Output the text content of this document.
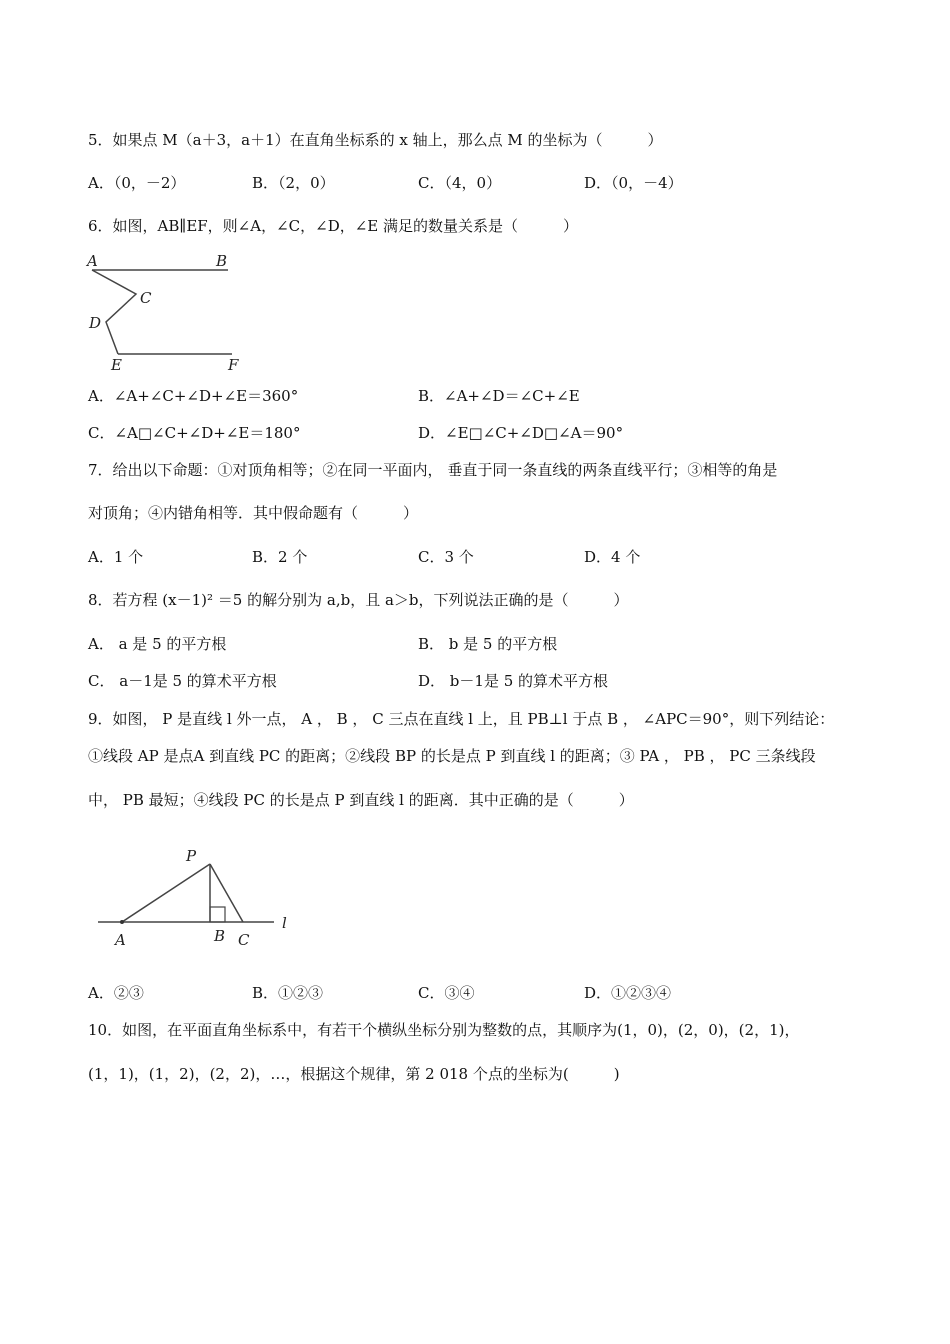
5．如果点 M（a＋3，a＋1）在直角坐标系的 x 轴上，那么点 M 的坐标为（　　　）
A．（0，－2）	B．（2，0）	C．（4，0）	D．（0，－4）
6．如图，AB∥EF，则∠A，∠C，∠D，∠E 满足的数量关系是（　　　）
A	B
C
D
E	F
A．∠A+∠C+∠D+∠E＝360°	B．∠A+∠D＝∠C+∠E
C．∠A□∠C+∠D+∠E＝180°	D．∠E□∠C+∠D□∠A＝90°
7．给出以下命题：①对顶角相等；②在同一平面内， 垂直于同一条直线的两条直线平行；③相等的角是
对顶角；④内错角相等．其中假命题有（　　　）
A．1 个	B．2 个	C．3 个	D．4 个
8．若方程 (x－1)² ＝5 的解分别为 a,b，且 a＞b，下列说法正确的是（　　　）
A． a 是 5 的平方根	B． b 是 5 的平方根
C． a－1是 5 的算术平方根	D． b－1是 5 的算术平方根
9．如图， P 是直线 l 外一点， A ， B ， C 三点在直线 l 上，且 PB⊥l 于点 B ， ∠APC＝90°，则下列结论：
①线段 AP 是点A 到直线 PC 的距离；②线段 BP 的长是点 P 到直线 l 的距离；③ PA ， PB ， PC 三条线段
中， PB 最短；④线段 PC 的长是点 P 到直线 l 的距离．其中正确的是（　　　）
P
A	B C
l
A．②③	B．①②③	C．③④	D．①②③④
10．如图，在平面直角坐标系中，有若干个横纵坐标分别为整数的点，其顺序为(1，0)，(2，0)，(2，1)，
(1，1)，(1，2)，(2，2)，…，根据这个规律，第 2 018 个点的坐标为(　　　)
